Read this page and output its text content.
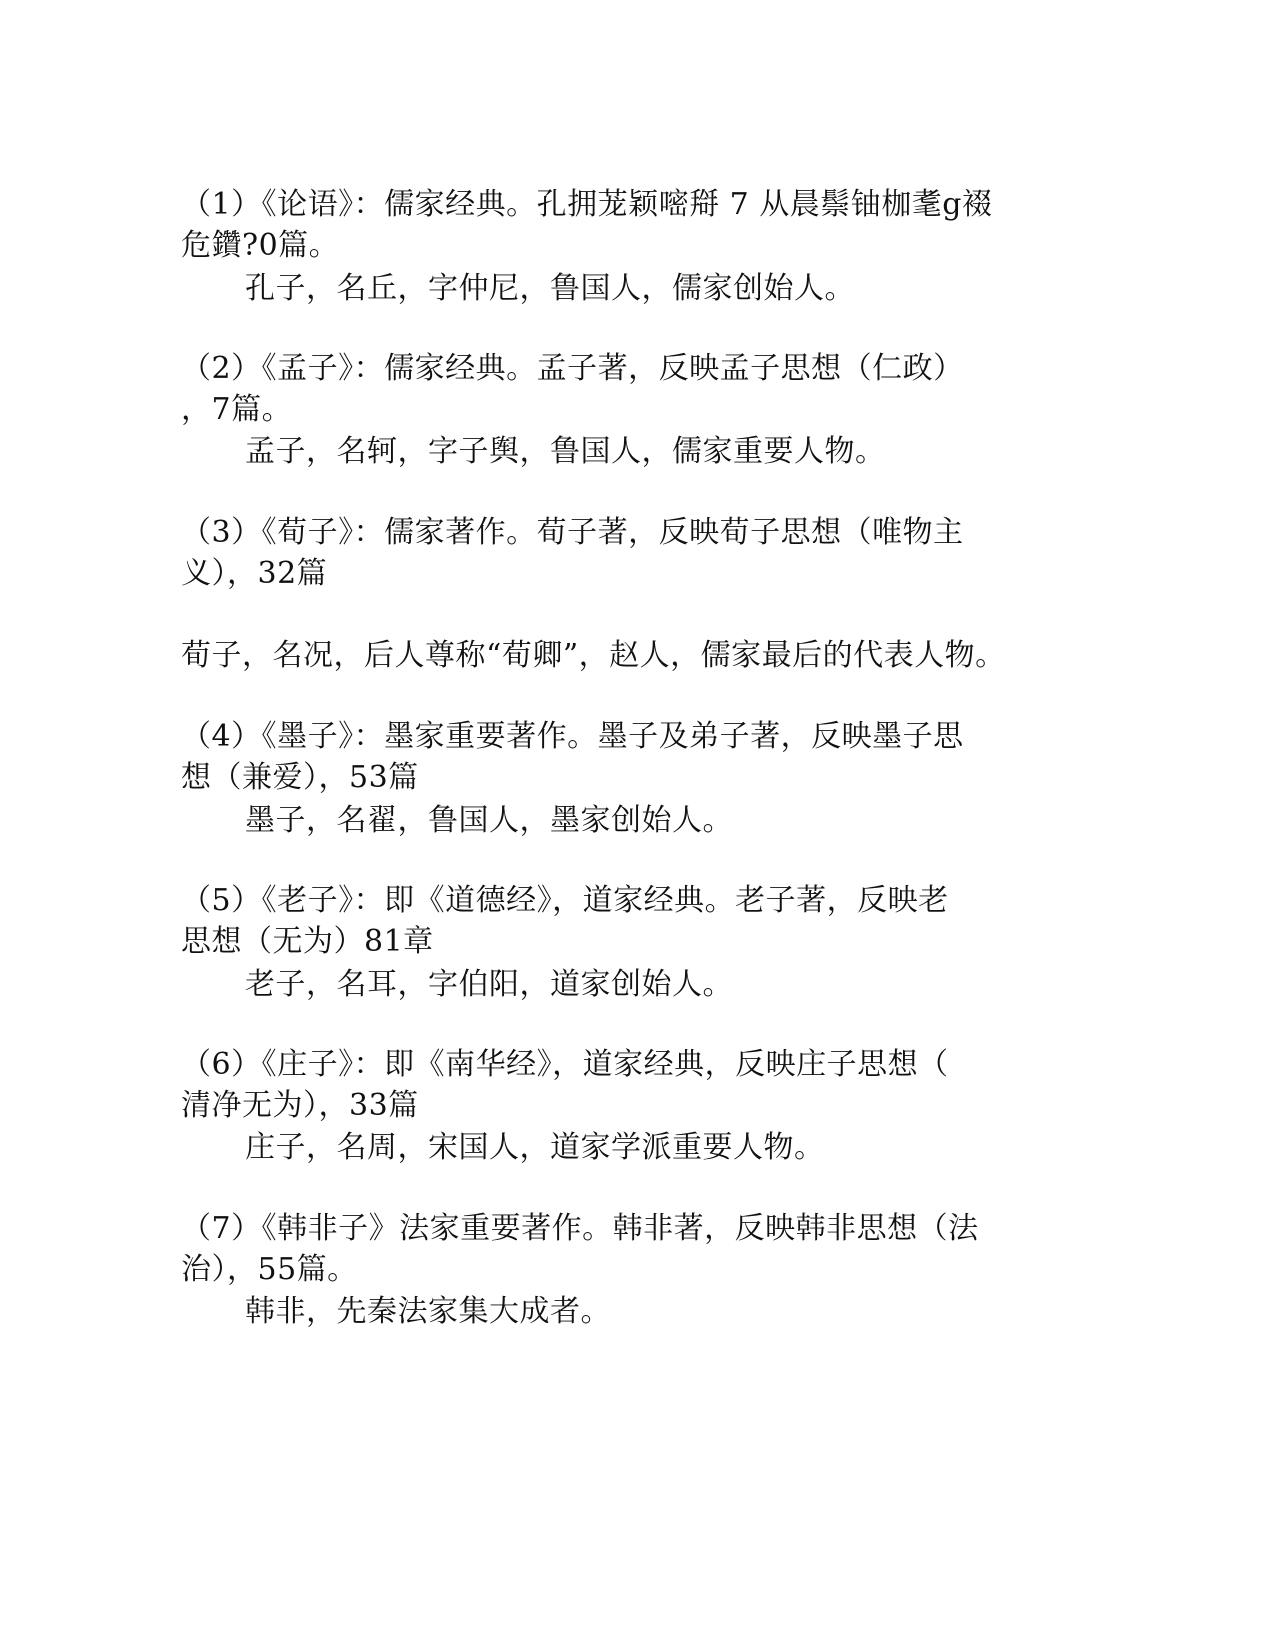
（1）《论语》：儒家经典。孔拥茏颖嘧搿 7 从晨鬃铀枷耄g裰

危鑽?0篇。

孔子，名丘，字仲尼，鲁国人，儒家创始人。

（2）《孟子》：儒家经典。孟子著，反映孟子思想（仁政）

，7篇。

孟子，名轲，字子舆，鲁国人，儒家重要人物。

（3）《荀子》：儒家著作。荀子著，反映荀子思想（唯物主

义），32篇

荀子，名况，后人尊称“荀卿”，赵人，儒家最后的代表人物。

（4）《墨子》：墨家重要著作。墨子及弟子著，反映墨子思

想（兼爱），53篇

墨子，名翟，鲁国人，墨家创始人。

（5）《老子》：即《道德经》，道家经典。老子著，反映老

思想（无为）81章

老子，名耳，字伯阳，道家创始人。

（6）《庄子》：即《南华经》，道家经典，反映庄子思想（

清净无为），33篇

庄子，名周，宋国人，道家学派重要人物。

（7）《韩非子》法家重要著作。韩非著，反映韩非思想（法

治），55篇。

韩非，先秦法家集大成者。
